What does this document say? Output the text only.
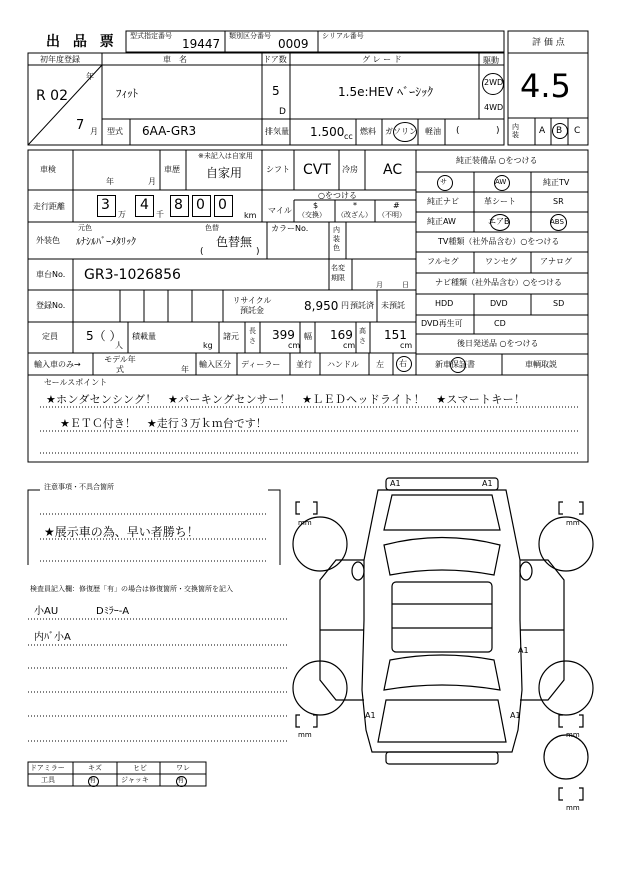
出 品 票 型式指定番号
19447
類別区分番号
0009
シリアル番号
評 価 点
4.5
初年度登録
年
R 02
7 月
車　名
ﾌｨｯﾄ
ドア数
5
D
グ レ ー ド
1.5e:HEV ﾍﾞｰｼｯｸ
駆動
2WD
4WD
型式 6AA-GR3	排気量 1.500 cc
燃料 ガソリン 軽油 (	) 内装	A B C
車検
年	月
車歴
※未記入は自家用
自家用	シフト CVT 冷房 AC
走行距離	3
万
4
千
8 0 0
km
○をつける
マイル
$
（交換）
*
（改ざん）
#
（不明）
外装色
元色
ﾙﾅｼﾙﾊﾞｰﾒﾀﾘｯｸ
色替
色替無
(	)
カラーNo.	内装色
車台No. GR3-1026856	名変期限
月	日
登録No.
リサイクル預託金	8,950 円 預託済 未預託
定員 5（ ）
人
積載量
kg
諸元
長さ 399
cm
幅 169
cm
高さ 151
cm
輸入車のみ→
モデル年式	年
輸入区分 ディーラー 並行 ハンドル 左 右
純正装備品 ○をつける
サ	AW	純正TV
純正ナビ	革シート	SR
純正AW	エアB	ABS
TV種類（社外品含む）○をつける
フルセグ	ワンセグ	アナログ
ナビ種類（社外品含む）○をつける
HDD	DVD	SD
DVD再生可	CD
後日発送品 ○をつける
新車保証書	車輌取説
セールスポイント
★ホンダセンシング！　★パーキングセンサー！　★ＬＥＤヘッドライト！　★スマートキー！
★ＥＴＣ付き！　★走行３万ｋｍ台です！
注意事項・不具合箇所
★展示車の為、早い者勝ち！
検査員記入欄：修復歴「有」の場合は修復箇所・交換箇所を記入
小AU	Dﾐﾗｰ-A
内ﾊﾞ小A
ドアミラー	キズ	ヒビ	ワレ
工具	有	ジャッキ	有
A1	A1
A1
A1	A1
mm	mm
mm	mm
mm
